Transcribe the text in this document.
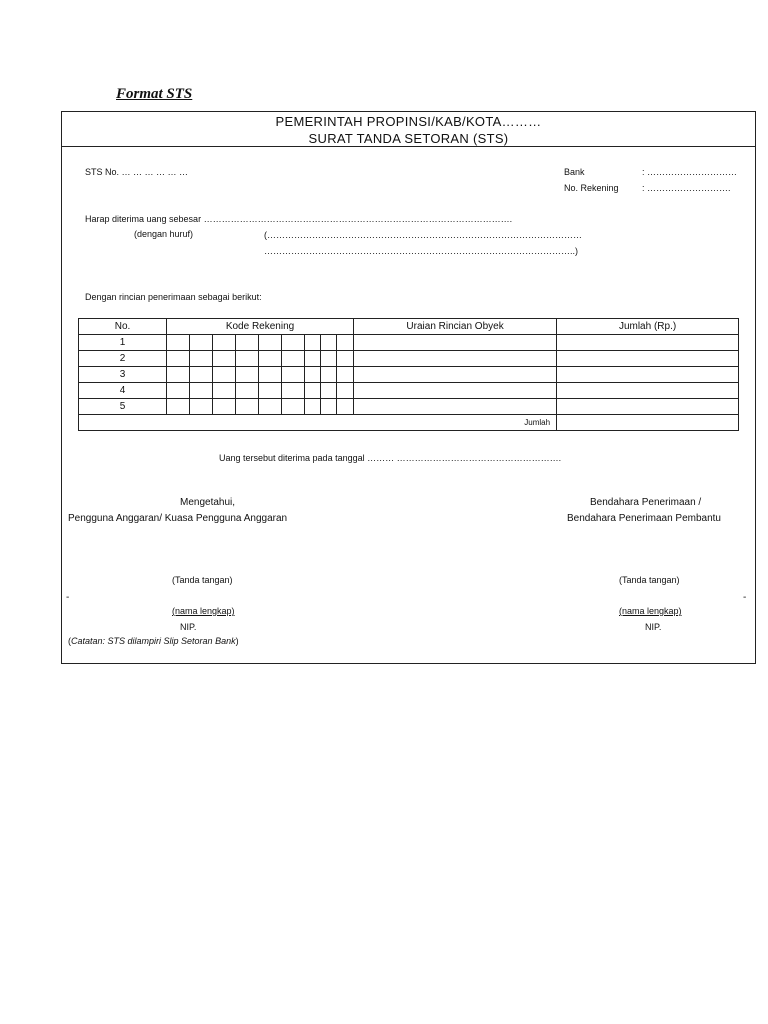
Format STS
PEMERINTAH PROPINSI/KAB/KOTA………
SURAT TANDA SETORAN (STS)
STS No. … … … … … …	Bank	: …………………………
No. Rekening	: ……………………….
Harap diterima uang sebesar ………………………………………………………………………………………….
(dengan huruf)	(……………………………………………………………………………………………
…………………………………………………………………………………………..)
Dengan rincian penerimaan sebagai berikut:
No.	Kode Rekening									Uraian Rincian Obyek	Jumlah (Rp.)
1											
2											
3											
4											
5											
Jumlah											
Uang tersebut diterima pada tanggal ……… ……………………………………………….
Mengetahui,
Pengguna Anggaran/ Kuasa Pengguna Anggaran
Bendahara Penerimaan /
Bendahara Penerimaan Pembantu
(Tanda tangan)	(Tanda tangan)
-	-
(nama lengkap)	(nama lengkap)
NIP.	NIP.
(Catatan: STS dilampiri Slip Setoran Bank)
